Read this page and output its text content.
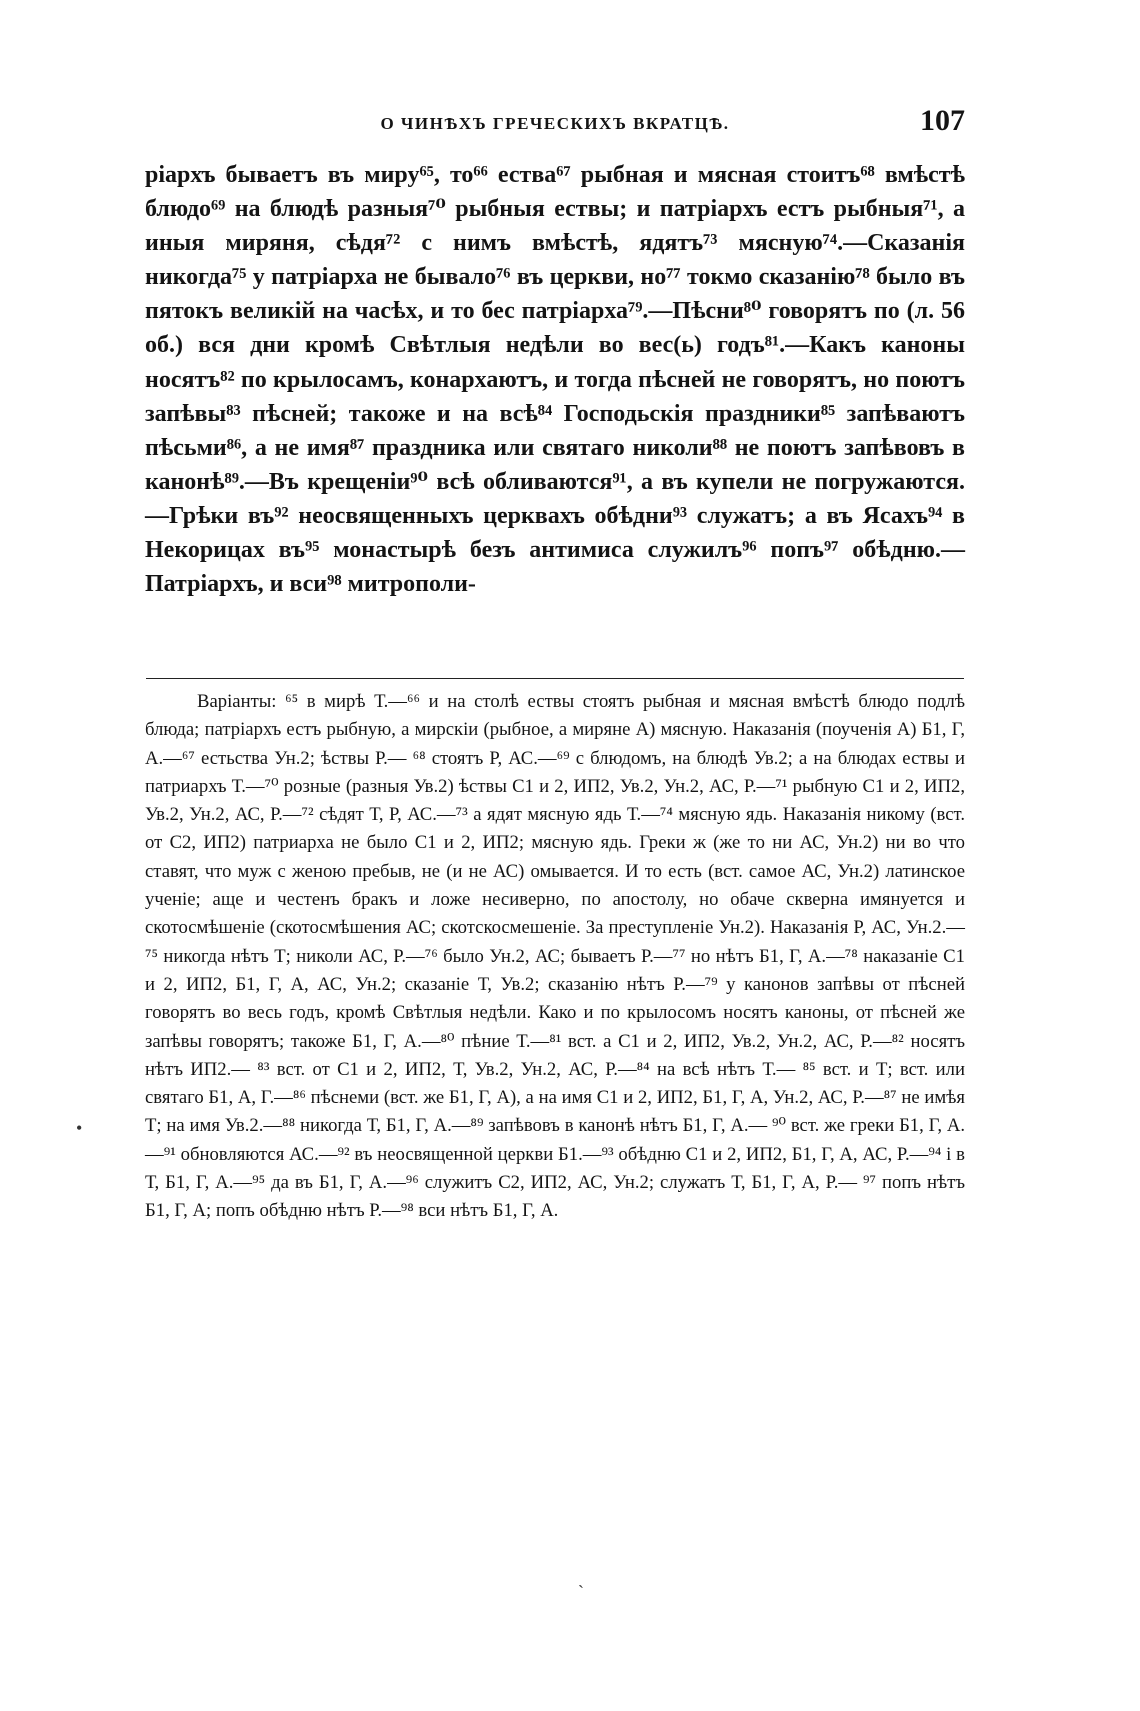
О ЧИНѢХЪ ГРЕЧЕСКИХЪ ВКРАТЦѢ.	107

ріархъ бываетъ въ миру⁶⁵, то⁶⁶ ества⁶⁷ рыбная и мясная стоитъ⁶⁸ вмѣстѣ блюдо⁶⁹ на блюдѣ разныя⁷⁰ рыбныя ествы; и патріархъ естъ рыбныя⁷¹, а иныя миряня, сѣдя⁷² с нимъ вмѣстѣ, ядятъ⁷³ мясную⁷⁴.—Сказанія никогда⁷⁵ у патріарха не бывало⁷⁶ въ церкви, но⁷⁷ токмо сказанію⁷⁸ было въ пятокъ великій на часѣх, и то бес патріарха⁷⁹.—Пѣсни⁸⁰ говорятъ по (л. 56 об.) вся дни кромѣ Свѣтлыя недѣли во вес(ь) годъ⁸¹.—Какъ каноны носятъ⁸² по крылосамъ, конархаютъ, и тогда пѣсней не говорятъ, но поютъ запѣвы⁸³ пѣсней; такоже и на всѣ⁸⁴ Господьскія праздники⁸⁵ запѣваютъ пѣсьми⁸⁶, а не имя⁸⁷ праздника или святаго николи⁸⁸ не поютъ запѣвовъ в канонѣ⁸⁹.—Въ крещеніи⁹⁰ всѣ обливаются⁹¹, а въ купели не погружаются.—Грѣки въ⁹² неосвященныхъ церквахъ обѣдни⁹³ служатъ; а въ Ясахъ⁹⁴ в Некорицах въ⁹⁵ монастырѣ безъ антимиса служилъ⁹⁶ попъ⁹⁷ обѣдню.—Патріархъ, и вси⁹⁸ митрополи-

Варіанты: ⁶⁵ в мирѣ Т.—⁶⁶ и на столѣ ествы стоятъ рыбная и мясная вмѣстѣ блюдо подлѣ блюда; патріархъ естъ рыбную, а мирскіи (рыбное, а миряне А) мясную. Наказанія (поученія А) Б1, Г, А.—⁶⁷ естьства Ун.2; ѣствы Р.— ⁶⁸ стоятъ Р, АС.—⁶⁹ с блюдомъ, на блюдѣ Ув.2; а на блюдах ествы и патриархъ Т.—⁷⁰ розные (разныя Ув.2) ѣствы С1 и 2, ИП2, Ув.2, Ун.2, АС, Р.—⁷¹ рыбную С1 и 2, ИП2, Ув.2, Ун.2, АС, Р.—⁷² сѣдят Т, Р, АС.—⁷³ а ядят мясную ядь Т.—⁷⁴ мясную ядь. Наказанія никому (вст. от С2, ИП2) патриарха не было С1 и 2, ИП2; мясную ядь. Греки ж (же то ни АС, Ун.2) ни во что ставят, что муж с женою пребыв, не (и не АС) омывается. И то есть (вст. самое АС, Ун.2) латинское ученіе; аще и честенъ бракъ и ложе несиверно, по апостолу, но обаче скверна имянуется и скотосмѣшеніе (скотосмѣшения АС; скотскосмешеніе. За преступленіе Ун.2). Наказанія Р, АС, Ун.2.—⁷⁵ никогда нѣтъ Т; николи АС, Р.—⁷⁶ было Ун.2, АС; бываетъ Р.—⁷⁷ но нѣтъ Б1, Г, А.—⁷⁸ наказаніе С1 и 2, ИП2, Б1, Г, А, АС, Ун.2; сказаніе Т, Ув.2; сказанію нѣтъ Р.—⁷⁹ у канонов запѣвы от пѣсней говорятъ во весь годъ, кромѣ Свѣтлыя недѣли. Како и по крылосомъ носятъ каноны, от пѣсней же запѣвы говорятъ; такоже Б1, Г, А.—⁸⁰ пѣние Т.—⁸¹ вст. а С1 и 2, ИП2, Ув.2, Ун.2, АС, Р.—⁸² носятъ нѣтъ ИП2.— ⁸³ вст. от С1 и 2, ИП2, Т, Ув.2, Ун.2, АС, Р.—⁸⁴ на всѣ нѣтъ Т.— ⁸⁵ вст. и Т; вст. или святаго Б1, А, Г.—⁸⁶ пѣснеми (вст. же Б1, Г, А), а на имя С1 и 2, ИП2, Б1, Г, А, Ун.2, АС, Р.—⁸⁷ не имѣя Т; на имя Ув.2.—⁸⁸ никогда Т, Б1, Г, А.—⁸⁹ запѣвовъ в канонѣ нѣтъ Б1, Г, А.— ⁹⁰ вст. же греки Б1, Г, А.—⁹¹ обновляются АС.—⁹² въ неосвященной церкви Б1.—⁹³ обѣдню С1 и 2, ИП2, Б1, Г, А, АС, Р.—⁹⁴ і в Т, Б1, Г, А.—⁹⁵ да въ Б1, Г, А.—⁹⁶ служитъ С2, ИП2, АС, Ун.2; служатъ Т, Б1, Г, А, Р.— ⁹⁷ попъ нѣтъ Б1, Г, А; попъ обѣдню нѣтъ Р.—⁹⁸ вси нѣтъ Б1, Г, А.

•
ˎ
